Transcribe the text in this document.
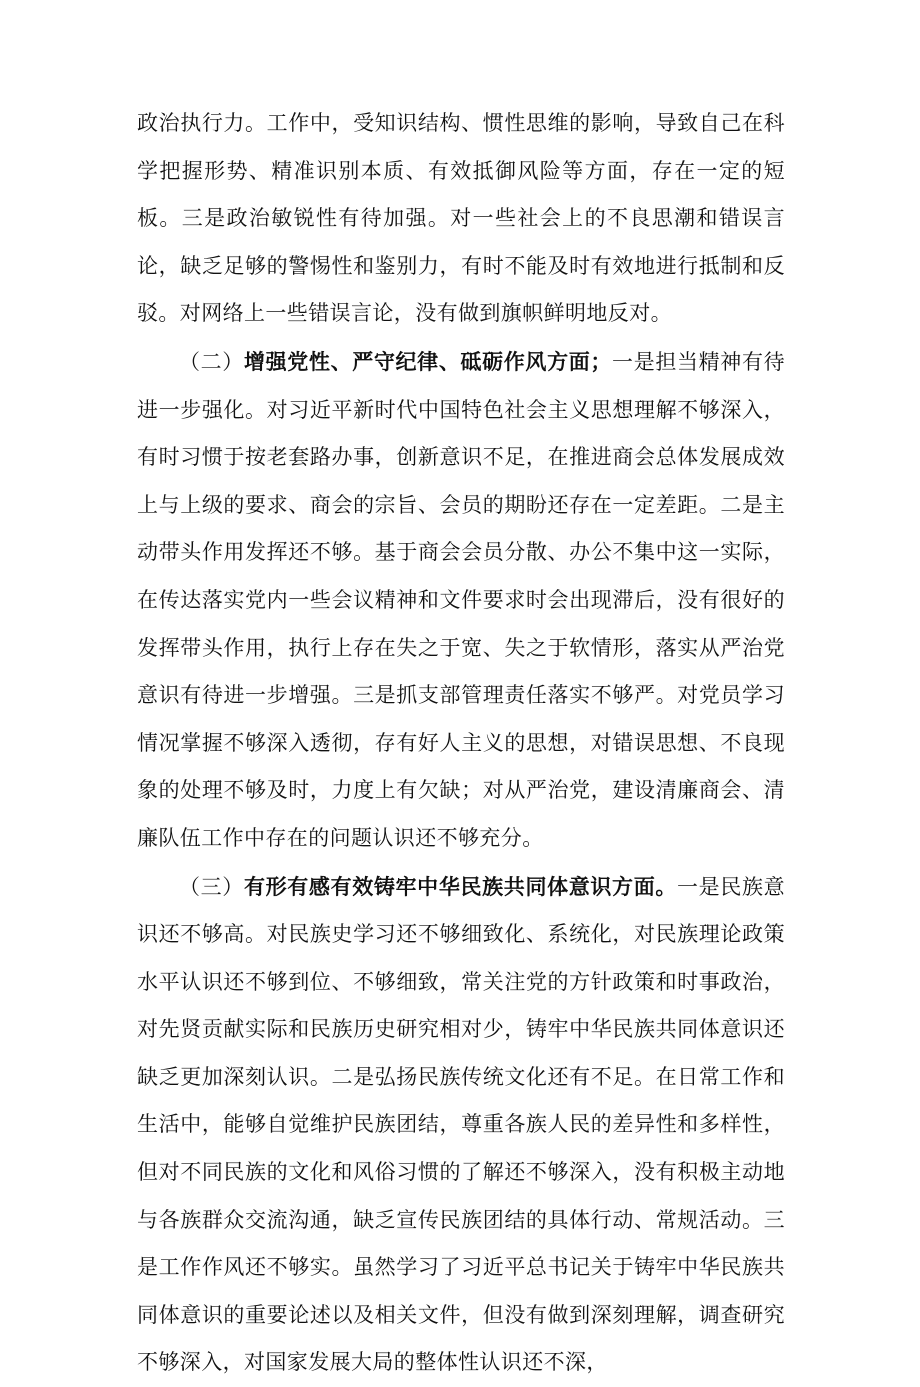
政治执行力。工作中，受知识结构、惯性思维的影响，导致自己在科学把握形势、精准识别本质、有效抵御风险等方面，存在一定的短板。三是政治敏锐性有待加强。对一些社会上的不良思潮和错误言论，缺乏足够的警惕性和鉴别力，有时不能及时有效地进行抵制和反驳。对网络上一些错误言论，没有做到旗帜鲜明地反对。

（二）增强党性、严守纪律、砥砺作风方面；一是担当精神有待进一步强化。对习近平新时代中国特色社会主义思想理解不够深入，有时习惯于按老套路办事，创新意识不足，在推进商会总体发展成效上与上级的要求、商会的宗旨、会员的期盼还存在一定差距。二是主动带头作用发挥还不够。基于商会会员分散、办公不集中这一实际，在传达落实党内一些会议精神和文件要求时会出现滞后，没有很好的发挥带头作用，执行上存在失之于宽、失之于软情形，落实从严治党意识有待进一步增强。三是抓支部管理责任落实不够严。对党员学习情况掌握不够深入透彻，存有好人主义的思想，对错误思想、不良现象的处理不够及时，力度上有欠缺；对从严治党，建设清廉商会、清廉队伍工作中存在的问题认识还不够充分。

（三）有形有感有效铸牢中华民族共同体意识方面。一是民族意识还不够高。对民族史学习还不够细致化、系统化，对民族理论政策水平认识还不够到位、不够细致，常关注党的方针政策和时事政治，对先贤贡献实际和民族历史研究相对少，铸牢中华民族共同体意识还缺乏更加深刻认识。二是弘扬民族传统文化还有不足。在日常工作和生活中，能够自觉维护民族团结，尊重各族人民的差异性和多样性，但对不同民族的文化和风俗习惯的了解还不够深入，没有积极主动地与各族群众交流沟通，缺乏宣传民族团结的具体行动、常规活动。三是工作作风还不够实。虽然学习了习近平总书记关于铸牢中华民族共同体意识的重要论述以及相关文件，但没有做到深刻理解，调查研究不够深入，对国家发展大局的整体性认识还不深，
